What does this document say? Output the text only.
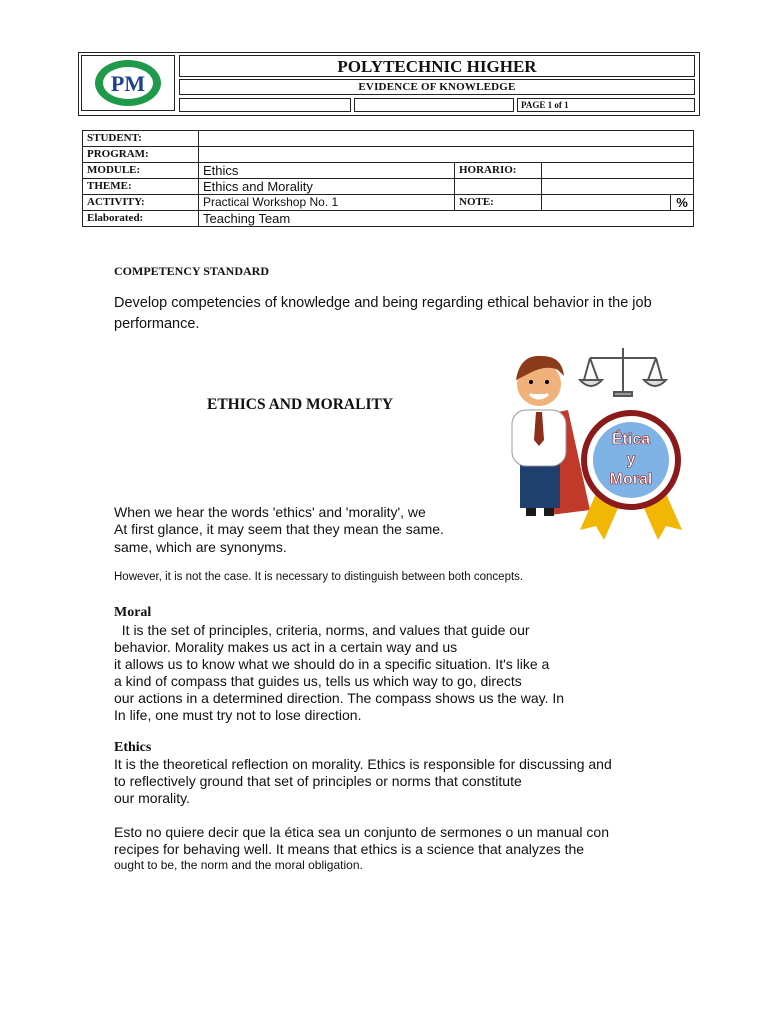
PM
POLYTECHNIC HIGHER
EVIDENCE OF KNOWLEDGE
PAGE 1 of 1
STUDENT:				
PROGRAM:				
MODULE:	Ethics	HORARIO:		
THEME:	Ethics and Morality			
ACTIVITY:	Practical Workshop No. 1	NOTE:		%
Elaborated:	Teaching Team			
COMPETENCY STANDARD
Develop competencies of knowledge and being regarding ethical behavior in the job performance.
ETHICS AND MORALITY
Ética
y
Moral
When we hear the words 'ethics' and 'morality', we
At first glance, it may seem that they mean the same.
same, which are synonyms.
However, it is not the case. It is necessary to distinguish between both concepts.
Moral
It is the set of principles, criteria, norms, and values that guide our
behavior. Morality makes us act in a certain way and us
it allows us to know what we should do in a specific situation. It's like a
a kind of compass that guides us, tells us which way to go, directs
our actions in a determined direction. The compass shows us the way. In
In life, one must try not to lose direction.
Ethics
It is the theoretical reflection on morality. Ethics is responsible for discussing and
to reflectively ground that set of principles or norms that constitute
our morality.
Esto no quiere decir que la ética sea un conjunto de sermones o un manual con
recipes for behaving well. It means that ethics is a science that analyzes the
ought to be, the norm and the moral obligation.
